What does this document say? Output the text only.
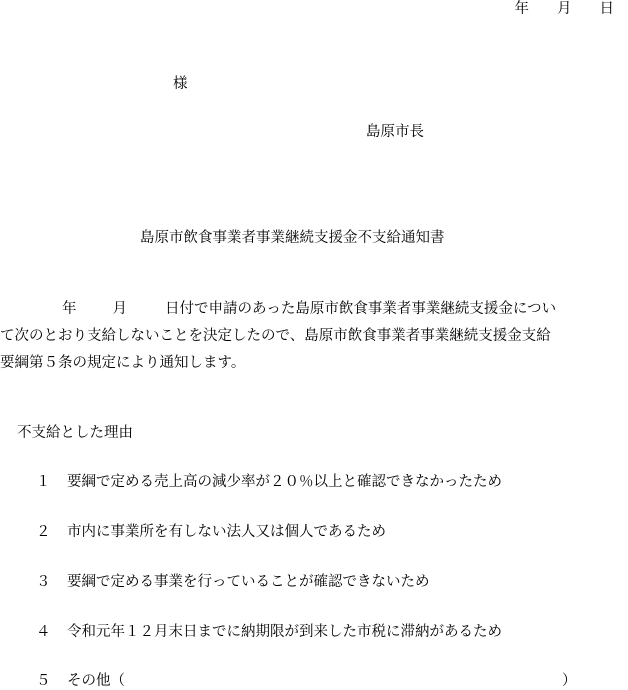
年 月 日
様
島原市長
島原市飲食事業者事業継続支援金不支給通知書
年 月	日付で申請のあった島原市飲食事業者事業継続支援金につい
て次のとおり支給しないことを決定したので、島原市飲食事業者事業継続支援金支給
要綱第５条の規定により通知します。
不支給とした理由
１ 要綱で定める売上高の減少率が２０％以上と確認できなかったため
２ 市内に事業所を有しない法人又は個人であるため
３ 要綱で定める事業を行っていることが確認できないため
４ 令和元年１２月末日までに納期限が到来した市税に滞納があるため
５ その他（	）
